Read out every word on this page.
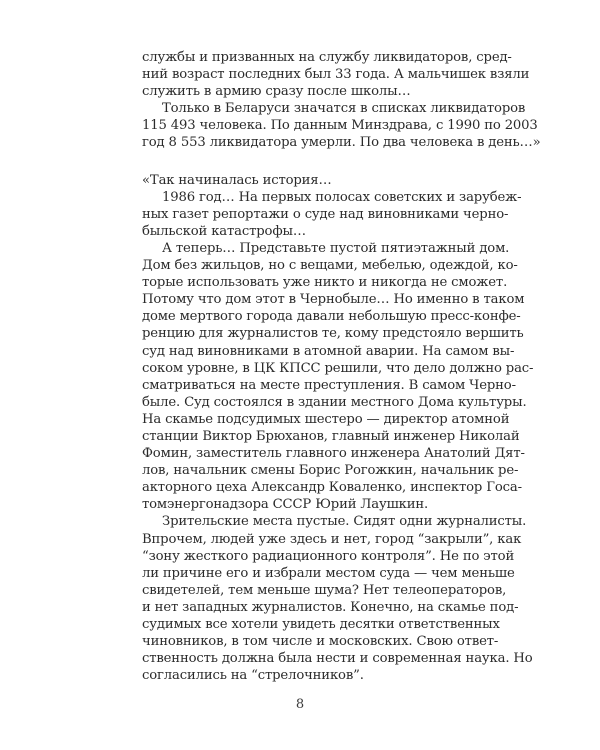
службы и призванных на службу ликвидаторов, сред-
ний возраст последних был 33 года. А мальчишек взяли
служить в армию сразу после школы…
Только в Беларуси значатся в списках ликвидаторов
115 493 человека. По данным Минздрава, с 1990 по 2003
год 8 553 ликвидатора умерли. По два человека в день…»
«Так начиналась история…
1986 год… На первых полосах советских и зарубеж-
ных газет репортажи о суде над виновниками черно-
быльской катастрофы…
А теперь… Представьте пустой пятиэтажный дом.
Дом без жильцов, но с вещами, мебелью, одеждой, ко-
торые использовать уже никто и никогда не сможет.
Потому что дом этот в Чернобыле… Но именно в таком
доме мертвого города давали небольшую пресс-конфе-
ренцию для журналистов те, кому предстояло вершить
суд над виновниками в атомной аварии. На самом вы-
соком уровне, в ЦК КПСС решили, что дело должно рас-
сматриваться на месте преступления. В самом Черно-
быле. Суд состоялся в здании местного Дома культуры.
На скамье подсудимых шестеро — директор атомной
станции Виктор Брюханов, главный инженер Николай
Фомин, заместитель главного инженера Анатолий Дят-
лов, начальник смены Борис Рогожкин, начальник ре-
акторного цеха Александр Коваленко, инспектор Госа-
томэнергонадзора СССР Юрий Лаушкин.
Зрительские места пустые. Сидят одни журналисты.
Впрочем, людей уже здесь и нет, город “закрыли”, как
“зону жесткого радиационного контроля”. Не по этой
ли причине его и избрали местом суда — чем меньше
свидетелей, тем меньше шума? Нет телеоператоров,
и нет западных журналистов. Конечно, на скамье под-
судимых все хотели увидеть десятки ответственных
чиновников, в том числе и московских. Свою ответ-
ственность должна была нести и современная наука. Но
согласились на “стрелочников”.
8
